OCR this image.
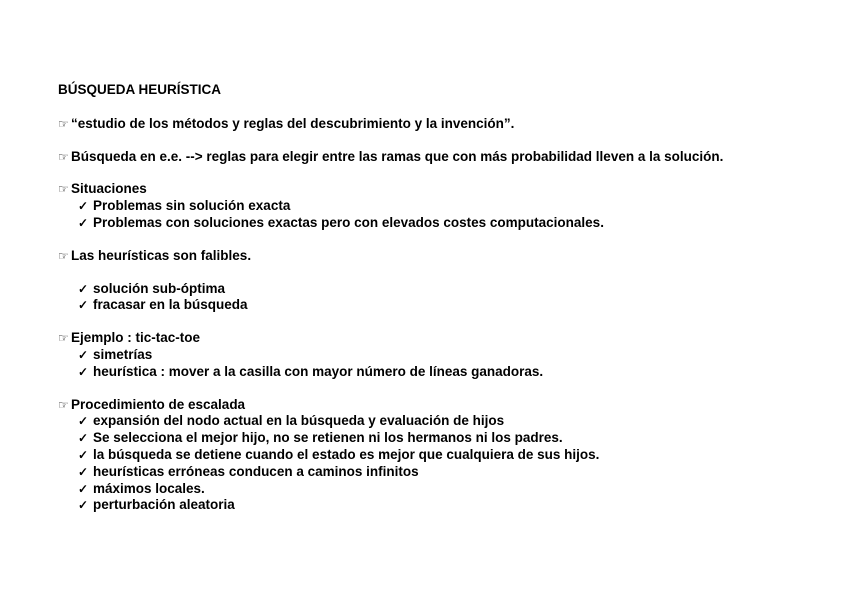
BÚSQUEDA HEURÍSTICA
☞ “estudio de los métodos y reglas del descubrimiento y la invención”.
☞ Búsqueda en e.e. --> reglas para elegir entre las ramas que con más probabilidad lleven a la solución.
☞ Situaciones
✓ Problemas sin solución exacta
✓ Problemas con soluciones exactas pero con elevados costes computacionales.
☞ Las heurísticas son falibles.
✓ solución sub-óptima
✓ fracasar en la búsqueda
☞ Ejemplo : tic-tac-toe
✓ simetrías
✓ heurística : mover a la casilla con mayor número de líneas ganadoras.
☞ Procedimiento de escalada
✓ expansión del nodo actual en la búsqueda y evaluación de hijos
✓ Se selecciona el mejor hijo, no se retienen ni los hermanos ni los padres.
✓ la búsqueda se detiene cuando el estado es mejor que cualquiera de sus hijos.
✓ heurísticas erróneas conducen a caminos infinitos
✓ máximos locales.
✓ perturbación aleatoria
